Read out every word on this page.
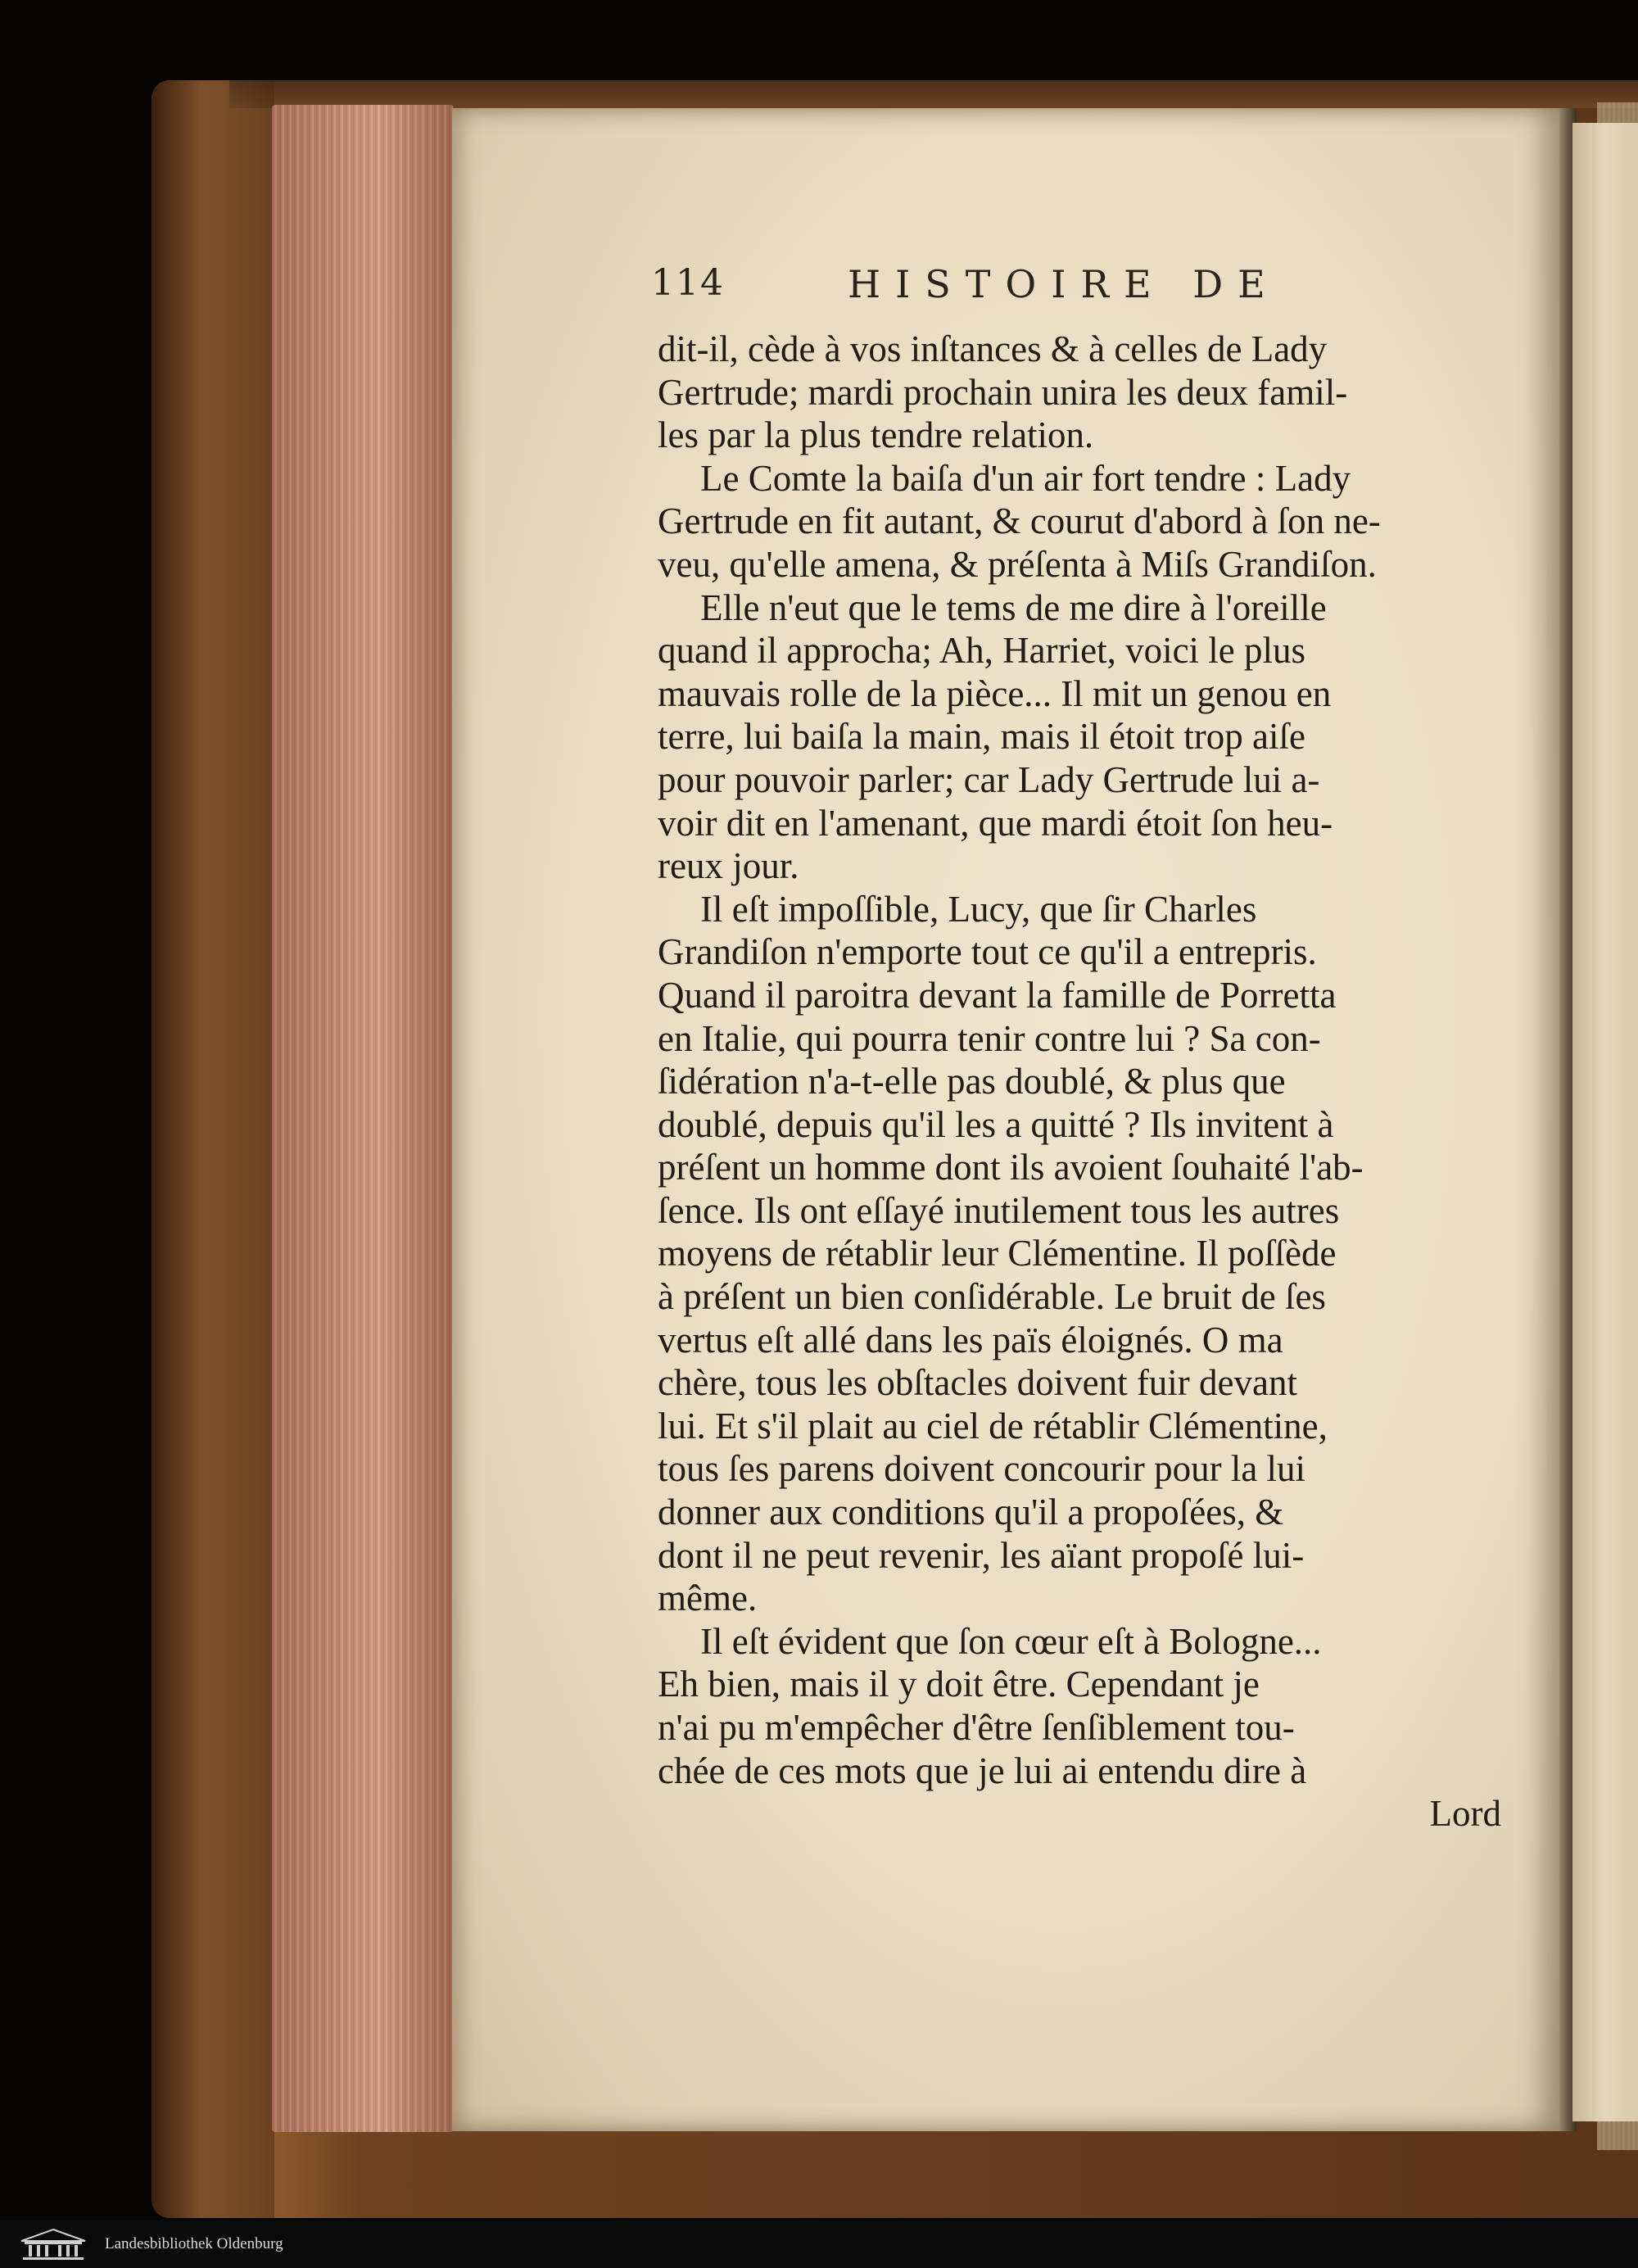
114	HISTOIRE DE
dit-il, cède à vos inſtances & à celles de Lady
Gertrude; mardi prochain unira les deux famil-
les par la plus tendre relation.
Le Comte la baiſa d'un air fort tendre : Lady
Gertrude en fit autant, & courut d'abord à ſon ne-
veu, qu'elle amena, & préſenta à Miſs Grandiſon.
Elle n'eut que le tems de me dire à l'oreille
quand il approcha; Ah, Harriet, voici le plus
mauvais rolle de la pièce... Il mit un genou en
terre, lui baiſa la main, mais il étoit trop aiſe
pour pouvoir parler; car Lady Gertrude lui a-
voir dit en l'amenant, que mardi étoit ſon heu-
reux jour.
Il eſt impoſſible, Lucy, que ſir Charles
Grandiſon n'emporte tout ce qu'il a entrepris.
Quand il paroitra devant la famille de Porretta
en Italie, qui pourra tenir contre lui ? Sa con-
ſidération n'a-t-elle pas doublé, & plus que
doublé, depuis qu'il les a quitté ? Ils invitent à
préſent un homme dont ils avoient ſouhaité l'ab-
ſence. Ils ont eſſayé inutilement tous les autres
moyens de rétablir leur Clémentine. Il poſſède
à préſent un bien conſidérable. Le bruit de ſes
vertus eſt allé dans les païs éloignés. O ma
chère, tous les obſtacles doivent fuir devant
lui. Et s'il plait au ciel de rétablir Clémentine,
tous ſes parens doivent concourir pour la lui
donner aux conditions qu'il a propoſées, &
dont il ne peut revenir, les aïant propoſé lui-
même.
Il eſt évident que ſon cœur eſt à Bologne...
Eh bien, mais il y doit être. Cependant je
n'ai pu m'empêcher d'être ſenſiblement tou-
chée de ces mots que je lui ai entendu dire à
Lord
Landesbibliothek Oldenburg
